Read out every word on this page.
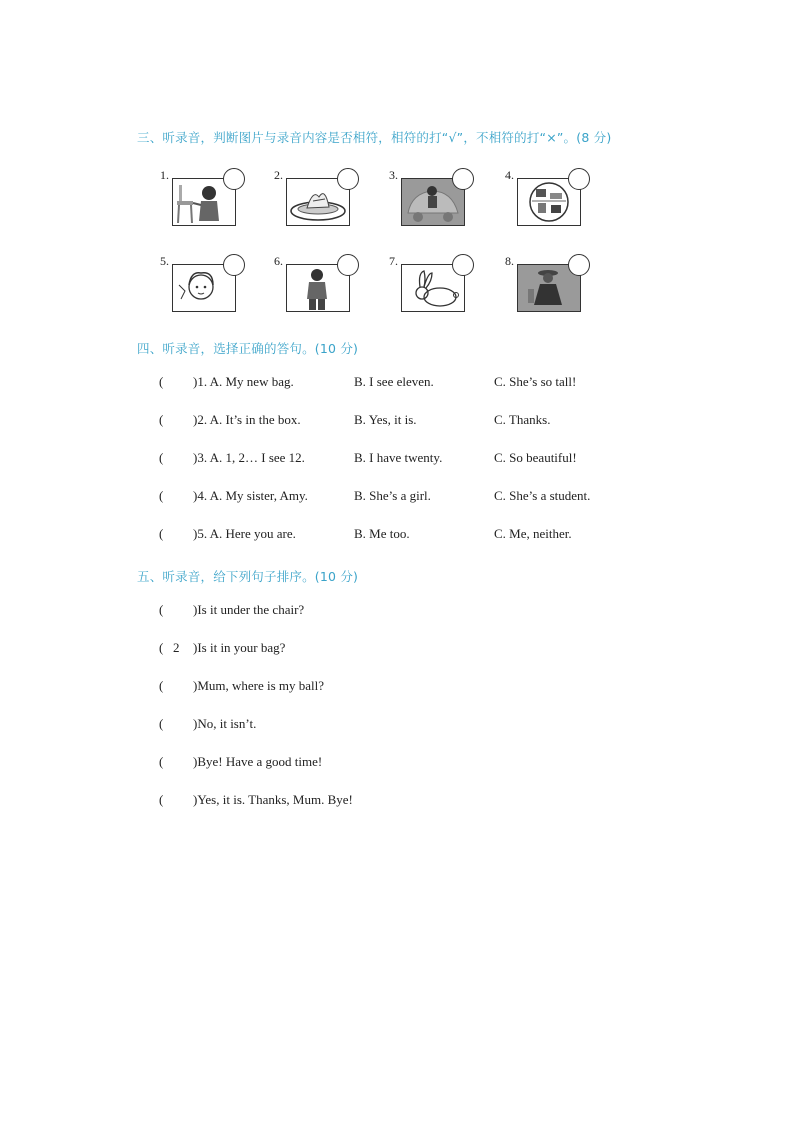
三、听录音，判断图片与录音内容是否相符，相符的打“√”，不相符的打“×”。(8 分)
1.	2.	3.	4.
5.	6.	7.	8.
四、听录音，选择正确的答句。(10 分)
( )1. A. My new bag.	B. I see eleven.	C. She’s so tall!
( )2. A. It’s in the box.	B. Yes, it is.	C. Thanks.
( )3. A. 1, 2… I see 12.	B. I have twenty.	C. So beautiful!
( )4. A. My sister, Amy.	B. She’s a girl.	C. She’s a student.
( )5. A. Here you are.	B. Me too.	C. Me, neither.
五、听录音，给下列句子排序。(10 分)
( )Is it under the chair?
( 2 )Is it in your bag?
( )Mum, where is my ball?
( )No, it isn’t.
( )Bye! Have a good time!
( )Yes, it is. Thanks, Mum. Bye!
